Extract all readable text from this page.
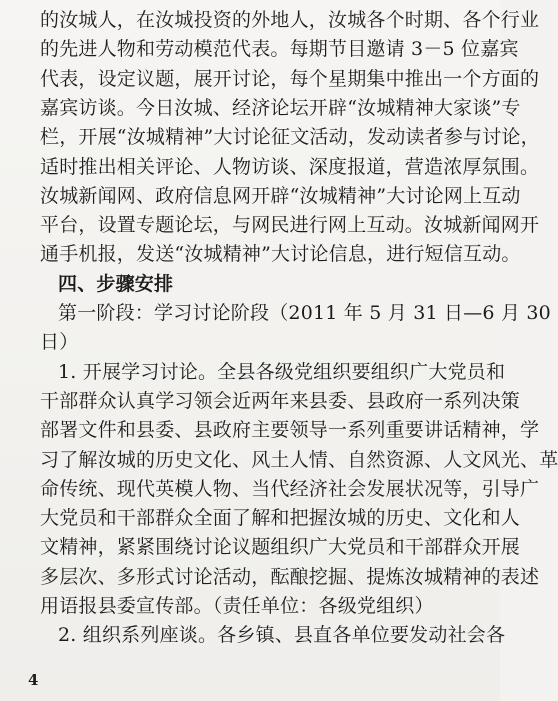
4
的汝城人，在汝城投资的外地人，汝城各个时期、各个行业
的先进人物和劳动模范代表。每期节目邀请 3－5 位嘉宾
代表，设定议题，展开讨论，每个星期集中推出一个方面的
嘉宾访谈。今日汝城、经济论坛开辟“汝城精神大家谈”专
栏，开展“汝城精神”大讨论征文活动，发动读者参与讨论，
适时推出相关评论、人物访谈、深度报道，营造浓厚氛围。
汝城新闻网、政府信息网开辟“汝城精神”大讨论网上互动
平台，设置专题论坛，与网民进行网上互动。汝城新闻网开
通手机报，发送“汝城精神”大讨论信息，进行短信互动。
四、步骤安排
第一阶段：学习讨论阶段（2011 年 5 月 31 日—6 月 30
日）
1. 开展学习讨论。全县各级党组织要组织广大党员和
干部群众认真学习领会近两年来县委、县政府一系列决策
部署文件和县委、县政府主要领导一系列重要讲话精神，学
习了解汝城的历史文化、风土人情、自然资源、人文风光、革
命传统、现代英模人物、当代经济社会发展状况等，引导广
大党员和干部群众全面了解和把握汝城的历史、文化和人
文精神，紧紧围绕讨论议题组织广大党员和干部群众开展
多层次、多形式讨论活动，酝酿挖掘、提炼汝城精神的表述
用语报县委宣传部。（责任单位：各级党组织）
2. 组织系列座谈。各乡镇、县直各单位要发动社会各
